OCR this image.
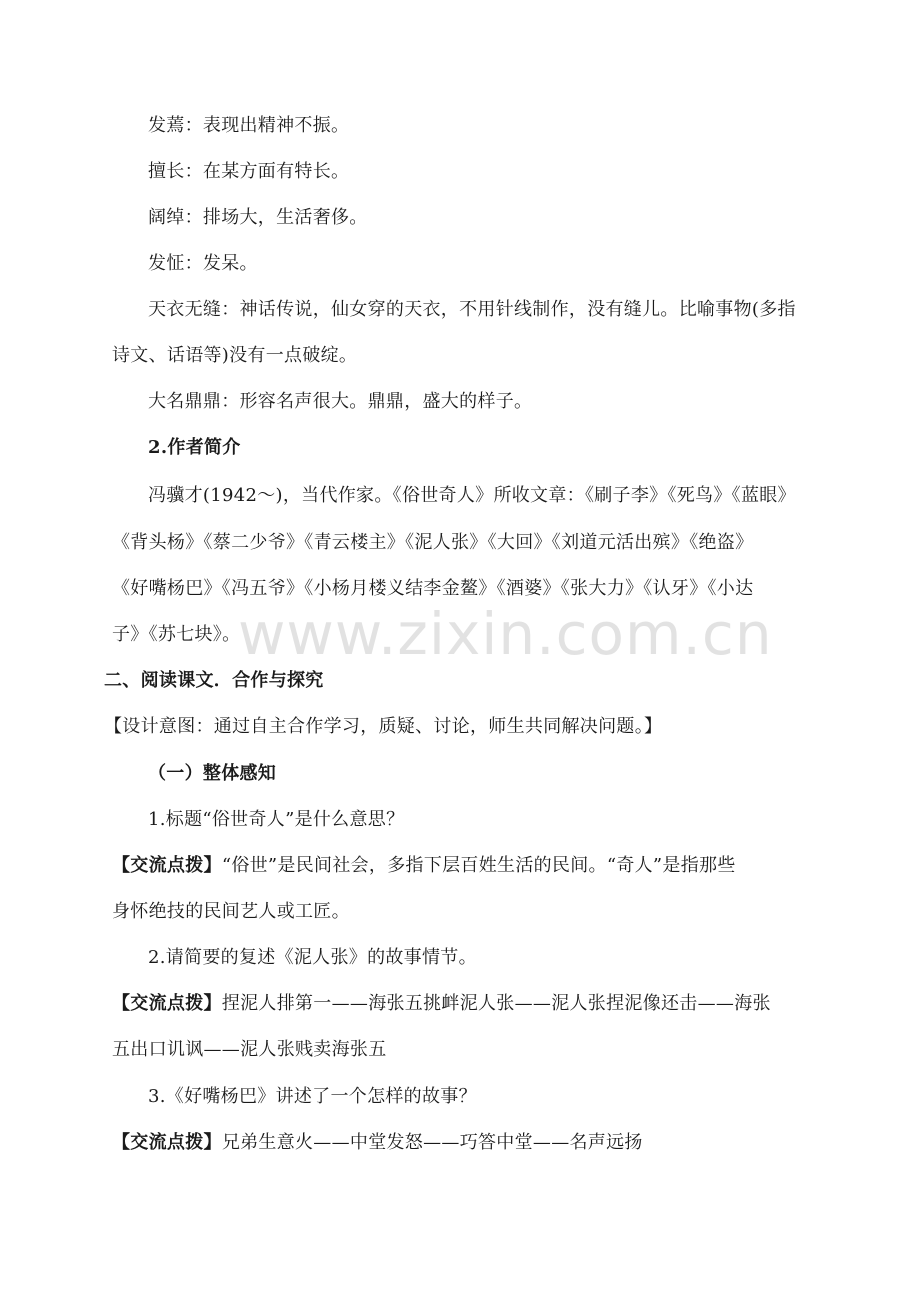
发蔫：表现出精神不振。
擅长：在某方面有特长。
阔绰：排场大，生活奢侈。
发怔：发呆。
天衣无缝：神话传说，仙女穿的天衣，不用针线制作，没有缝儿。比喻事物(多指
诗文、话语等)没有一点破绽。
大名鼎鼎：形容名声很大。鼎鼎，盛大的样子。
2.作者简介
冯骥才(1942～)，当代作家。《俗世奇人》所收文章：《刷子李》《死鸟》《蓝眼》
《背头杨》《蔡二少爷》《青云楼主》《泥人张》《大回》《刘道元活出殡》《绝盗》
《好嘴杨巴》《冯五爷》《小杨月楼义结李金鳌》《酒婆》《张大力》《认牙》《小达
子》《苏七块》。
二、阅读课文．合作与探究
【设计意图：通过自主合作学习，质疑、讨论，师生共同解决问题。】
（一）整体感知
1.标题“俗世奇人”是什么意思？
【交流点拨】“俗世”是民间社会，多指下层百姓生活的民间。“奇人”是指那些
身怀绝技的民间艺人或工匠。
2.请简要的复述《泥人张》的故事情节。
【交流点拨】捏泥人排第一——海张五挑衅泥人张——泥人张捏泥像还击——海张
五出口讥讽——泥人张贱卖海张五
3.《好嘴杨巴》讲述了一个怎样的故事？
【交流点拨】兄弟生意火——中堂发怒——巧答中堂——名声远扬
www.zixin.com.cn
